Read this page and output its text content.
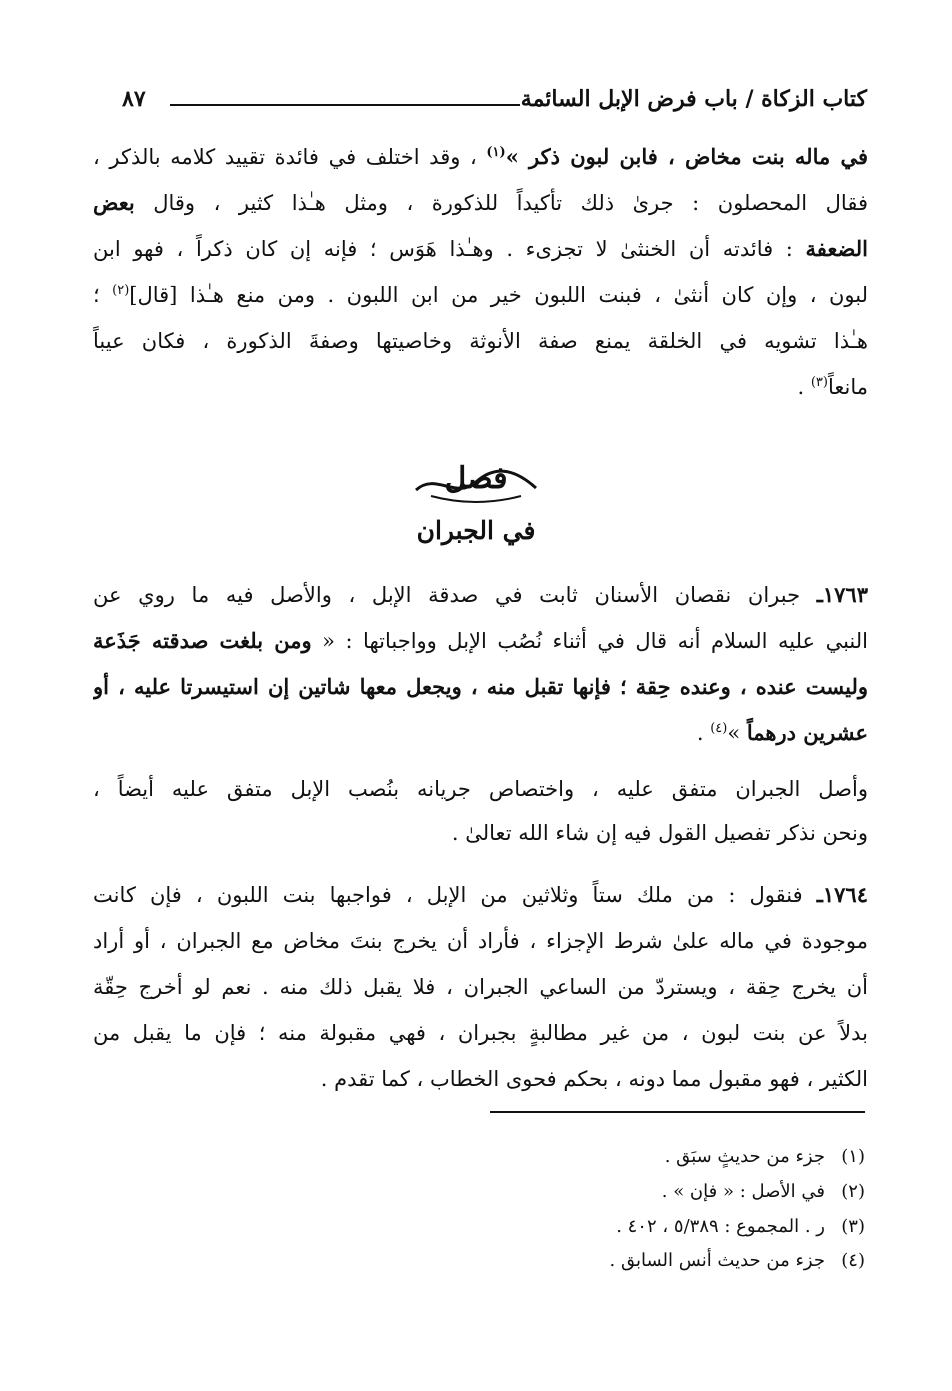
كتاب الزكاة / باب فرض الإبل السائمة
٨٧
في ماله بنت مخاض ، فابن لبون ذكر »$^{(١)}$ ، وقد اختلف في فائدة تقييد كلامه بالذكر ،
فقال المحصلون : جرىٰ ذلك تأكيداً للذكورة ، ومثل هـٰذا كثير ، وقال بعض
الضعفة : فائدته أن الخنثىٰ لا تجزىء . وهـٰذا هَوَس ؛ فإنه إن كان ذكراً ، فهو ابن
لبون ، وإن كان أنثىٰ ، فبنت اللبون خير من ابن اللبون . ومن منع هـٰذا [قال]$^{(٢)}$ ؛
هـٰذا تشويه في الخلقة يمنع صفة الأنوثة وخاصيتها وصفةَ الذكورة ، فكان عيباً
مانعاً$^{(٣)}$ .
فصل
في الجبران
١٧٦٣ـ جبران نقصان الأسنان ثابت في صدقة الإبل ، والأصل فيه ما روي عن
النبي عليه السلام أنه قال في أثناء نُصُب الإبل وواجباتها : « ومن بلغت صدقته جَذَعة
وليست عنده ، وعنده حِقة ؛ فإنها تقبل منه ، ويجعل معها شاتين إن استيسرتا عليه ، أو
عشرين درهماً »$^{(٤)}$ .
وأصل الجبران متفق عليه ، واختصاص جريانه بنُصب الإبل متفق عليه أيضاً ،
ونحن نذكر تفصيل القول فيه إن شاء الله تعالىٰ .
١٧٦٤ـ فنقول : من ملك ستاً وثلاثين من الإبل ، فواجبها بنت اللبون ، فإن كانت
موجودة في ماله علىٰ شرط الإجزاء ، فأراد أن يخرج بنتَ مخاض مع الجبران ، أو أراد
أن يخرج حِقة ، ويستردّ من الساعي الجبران ، فلا يقبل ذلك منه . نعم لو أخرج حِقّة
بدلاً عن بنت لبون ، من غير مطالبةٍ بجبران ، فهي مقبولة منه ؛ فإن ما يقبل من
الكثير ، فهو مقبول مما دونه ، بحكم فحوى الخطاب ، كما تقدم .
(١)جزء من حديثٍ سبَق .
(٢)في الأصل : « فإن » .
(٣)ر . المجموع : ٥/٣٨٩ ، ٤٠٢ .
(٤)جزء من حديث أنس السابق .
